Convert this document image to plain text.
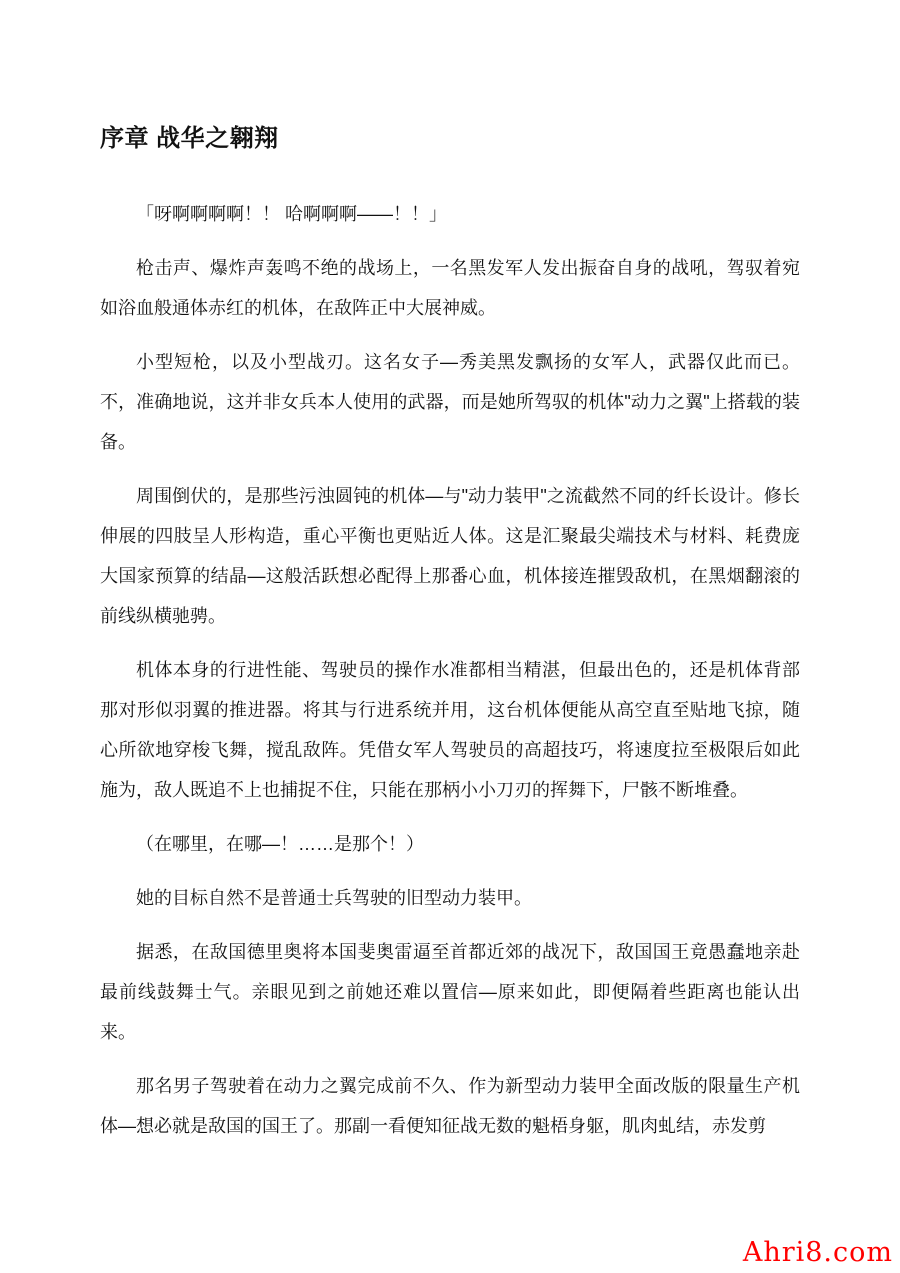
序章 战华之翱翔

「呀啊啊啊啊！！ 哈啊啊啊——！！」

枪击声、爆炸声轰鸣不绝的战场上，一名黑发军人发出振奋自身的战吼，驾驭着宛如浴血般通体赤红的机体，在敌阵正中大展神威。

小型短枪，以及小型战刃。这名女子—秀美黑发飘扬的女军人，武器仅此而已。不，准确地说，这并非女兵本人使用的武器，而是她所驾驭的机体"动力之翼"上搭载的装备。

周围倒伏的，是那些污浊圆钝的机体—与"动力装甲"之流截然不同的纤长设计。修长伸展的四肢呈人形构造，重心平衡也更贴近人体。这是汇聚最尖端技术与材料、耗费庞大国家预算的结晶—这般活跃想必配得上那番心血，机体接连摧毁敌机，在黑烟翻滚的前线纵横驰骋。

机体本身的行进性能、驾驶员的操作水准都相当精湛，但最出色的，还是机体背部那对形似羽翼的推进器。将其与行进系统并用，这台机体便能从高空直至贴地飞掠，随心所欲地穿梭飞舞，搅乱敌阵。凭借女军人驾驶员的高超技巧，将速度拉至极限后如此施为，敌人既追不上也捕捉不住，只能在那柄小小刀刃的挥舞下，尸骸不断堆叠。

（在哪里，在哪—！……是那个！）

她的目标自然不是普通士兵驾驶的旧型动力装甲。

据悉，在敌国德里奥将本国斐奥雷逼至首都近郊的战况下，敌国国王竟愚蠢地亲赴最前线鼓舞士气。亲眼见到之前她还难以置信—原来如此，即便隔着些距离也能认出来。

那名男子驾驶着在动力之翼完成前不久、作为新型动力装甲全面改版的限量生产机体—想必就是敌国的国王了。那副一看便知征战无数的魁梧身躯，肌肉虬结，赤发剪

Ahri8.com
